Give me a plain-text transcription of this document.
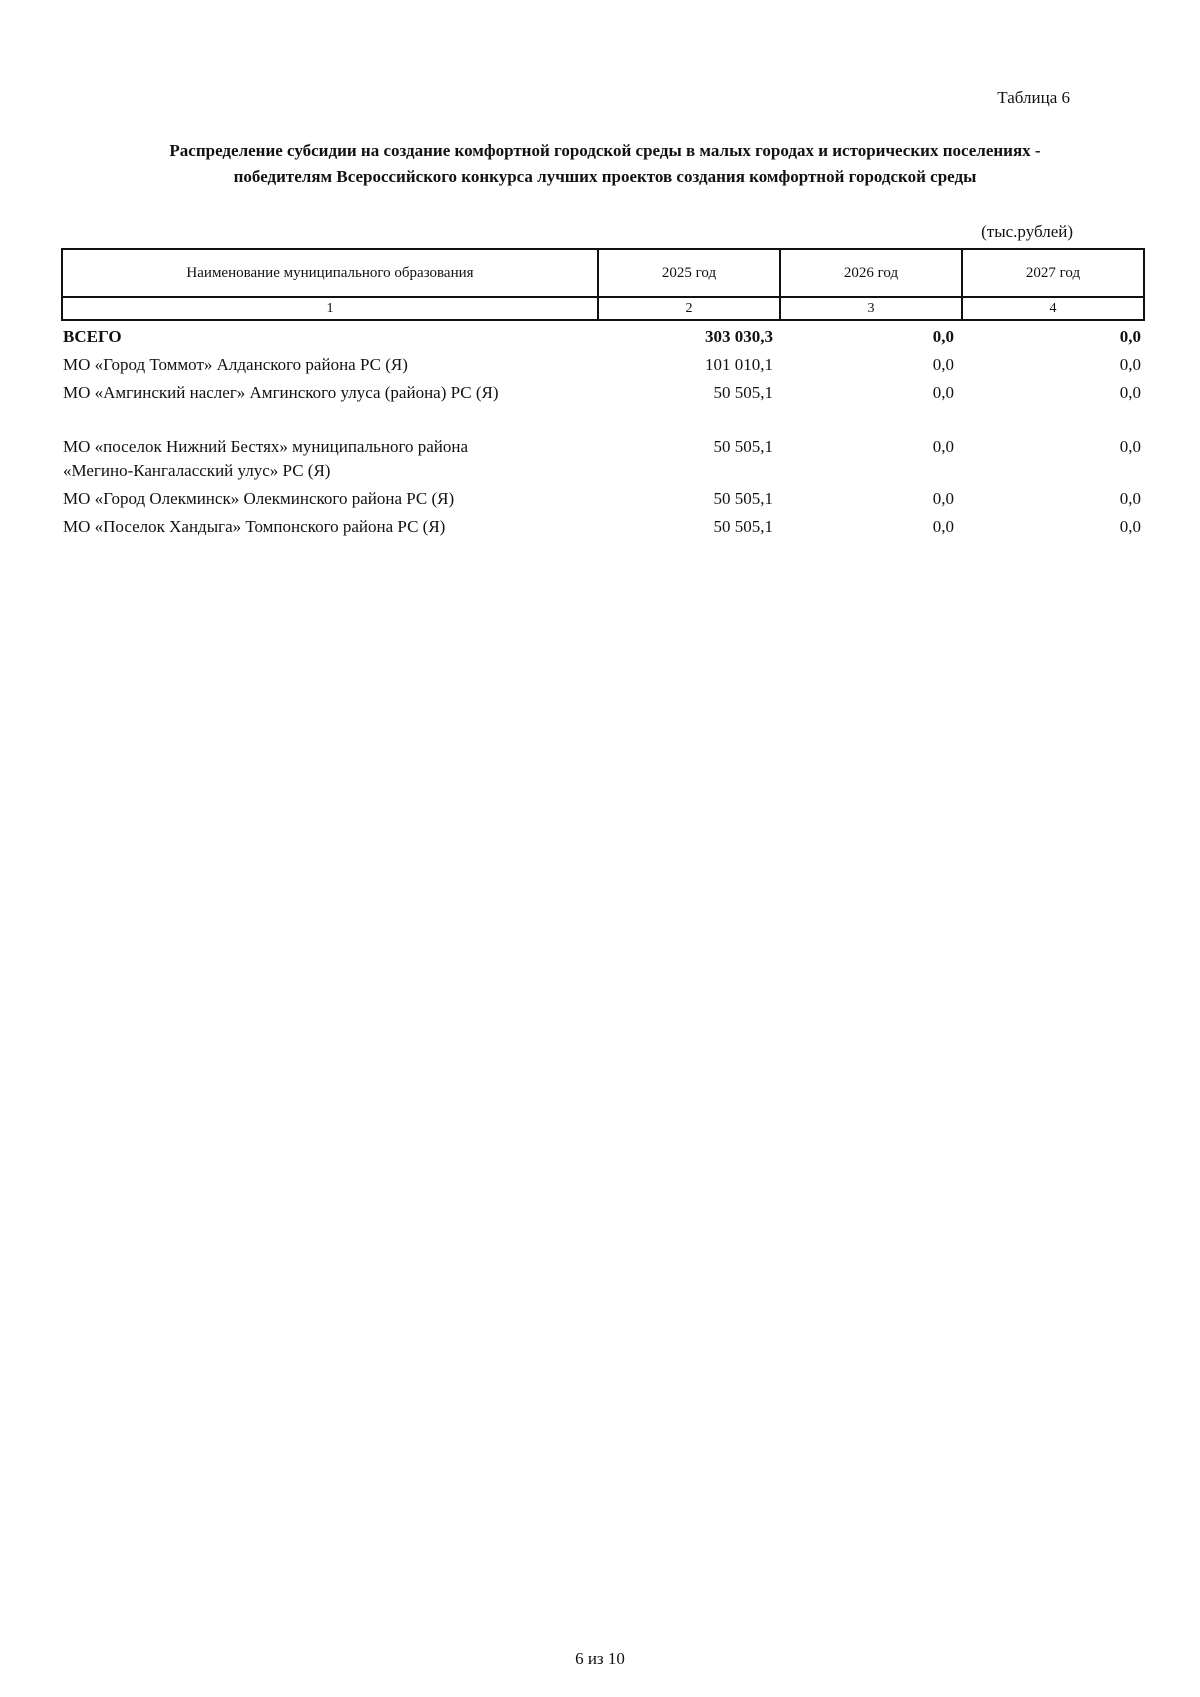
Таблица 6
Распределение субсидии на создание комфортной городской среды в малых городах и исторических поселениях -
победителям Всероссийского конкурса лучших проектов создания комфортной городской среды
(тыс.рублей)
Наименование муниципального образования	2025 год	2026 год	2027 год
1	2	3	4
ВСЕГО	303 030,3	0,0	0,0
МО «Город Томмот» Алданского района РС (Я)	101 010,1	0,0	0,0
МО «Амгинский наслег» Амгинского улуса (района) РС (Я)	50 505,1	0,0	0,0

МО «поселок Нижний Бестях» муниципального района
«Мегино-Кангаласский улус» РС (Я)	50 505,1	0,0	0,0
МО «Город Олекминск» Олекминского района РС (Я)	50 505,1	0,0	0,0
МО «Поселок Хандыга» Томпонского района РС (Я)	50 505,1	0,0	0,0
6 из 10
